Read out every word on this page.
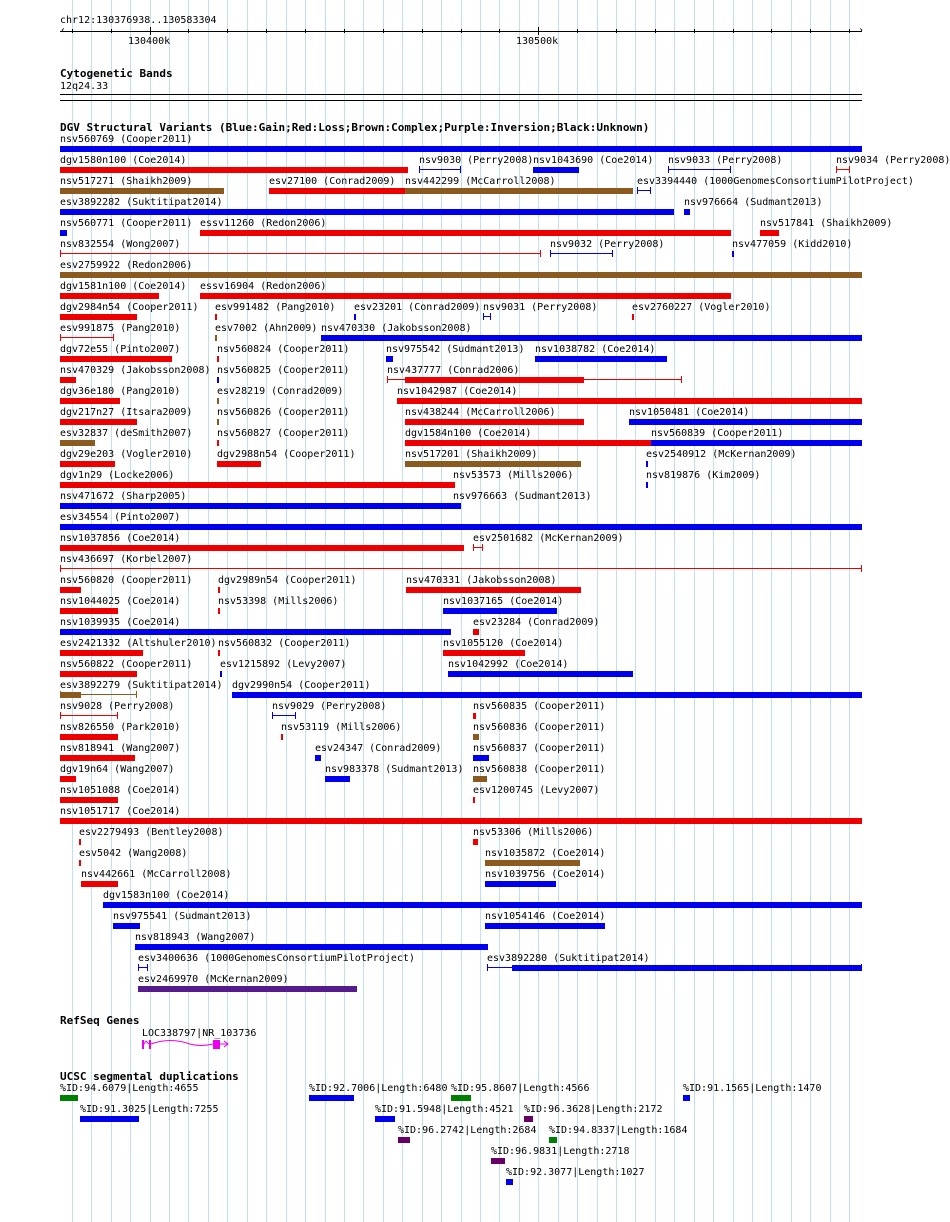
chr12:130376938..130583304
130400k	130500k
‹	›
Cytogenetic Bands
12q24.33
DGV Structural Variants (Blue:Gain;Red:Loss;Brown:Complex;Purple:Inversion;Black:Unknown)
RefSeq Genes
LOC338797|NR_103736
UCSC segmental duplications
nsv560769 (Cooper2011)
dgv1580n100 (Coe2014)	nsv9030 (Perry2008) nsv1043690 (Coe2014) nsv9033 (Perry2008)	nsv9034 (Perry2008)
nsv517271 (Shaikh2009)	esv27100 (Conrad2009) nsv442299 (McCarroll2008)	esv3394440 (1000GenomesConsortiumPilotProject)
esv3892282 (Suktitipat2014)	nsv976664 (Sudmant2013)
nsv560771 (Cooper2011) essv11260 (Redon2006)	nsv517841 (Shaikh2009)
nsv832554 (Wong2007)	nsv9032 (Perry2008)	nsv477059 (Kidd2010)
esv2759922 (Redon2006)
dgv1581n100 (Coe2014) essv16904 (Redon2006)
dgv2984n54 (Cooper2011) esv991482 (Pang2010) esv23201 (Conrad2009) nsv9031 (Perry2008)	esv2760227 (Vogler2010)
esv991875 (Pang2010)	esv7002 (Ahn2009) nsv470330 (Jakobsson2008)
dgv72e55 (Pinto2007)	nsv560824 (Cooper2011)	nsv975542 (Sudmant2013) nsv1038782 (Coe2014)
nsv470329 (Jakobsson2008) nsv560825 (Cooper2011)	nsv437777 (Conrad2006)
dgv36e180 (Pang2010)	esv28219 (Conrad2009)	nsv1042987 (Coe2014)
dgv217n27 (Itsara2009) nsv560826 (Cooper2011)	nsv438244 (McCarroll2006)	nsv1050481 (Coe2014)
esv32837 (deSmith2007) nsv560827 (Cooper2011)	dgv1584n100 (Coe2014)	nsv560839 (Cooper2011)
dgv29e203 (Vogler2010) dgv2988n54 (Cooper2011)	nsv517201 (Shaikh2009)	esv2540912 (McKernan2009)
dgv1n29 (Locke2006)	nsv53573 (Mills2006)	nsv819876 (Kim2009)
nsv471672 (Sharp2005)	nsv976663 (Sudmant2013)
esv34554 (Pinto2007)
nsv1037856 (Coe2014)	esv2501682 (McKernan2009)
nsv436697 (Korbel2007)
nsv560820 (Cooper2011)	dgv2989n54 (Cooper2011)	nsv470331 (Jakobsson2008)
nsv1044025 (Coe2014)	nsv53398 (Mills2006)	nsv1037165 (Coe2014)
nsv1039935 (Coe2014)	esv23284 (Conrad2009)
esv2421332 (Altshuler2010) nsv560832 (Cooper2011)	nsv1055120 (Coe2014)
nsv560822 (Cooper2011)	esv1215892 (Levy2007)	nsv1042992 (Coe2014)
esv3892279 (Suktitipat2014) dgv2990n54 (Cooper2011)
nsv9028 (Perry2008)	nsv9029 (Perry2008)	nsv560835 (Cooper2011)
nsv826550 (Park2010)	nsv53119 (Mills2006)	nsv560836 (Cooper2011)
nsv818941 (Wang2007)	esv24347 (Conrad2009)	nsv560837 (Cooper2011)
dgv19n64 (Wang2007)	nsv983378 (Sudmant2013) nsv560838 (Cooper2011)
nsv1051088 (Coe2014)	esv1200745 (Levy2007)
nsv1051717 (Coe2014)
esv2279493 (Bentley2008)	nsv53306 (Mills2006)
esv5042 (Wang2008)	nsv1035872 (Coe2014)
nsv442661 (McCarroll2008)	nsv1039756 (Coe2014)
dgv1583n100 (Coe2014)
nsv975541 (Sudmant2013)	nsv1054146 (Coe2014)
nsv818943 (Wang2007)
esv3400636 (1000GenomesConsortiumPilotProject)	esv3892280 (Suktitipat2014)
esv2469970 (McKernan2009)
%ID:94.6079|Length:4655	%ID:92.7006|Length:6480 %ID:95.8607|Length:4566	%ID:91.1565|Length:1470
%ID:91.3025|Length:7255	%ID:91.5948|Length:4521 %ID:96.3628|Length:2172
%ID:96.2742|Length:2684 %ID:94.8337|Length:1684
%ID:96.9831|Length:2718
%ID:92.3077|Length:1027
